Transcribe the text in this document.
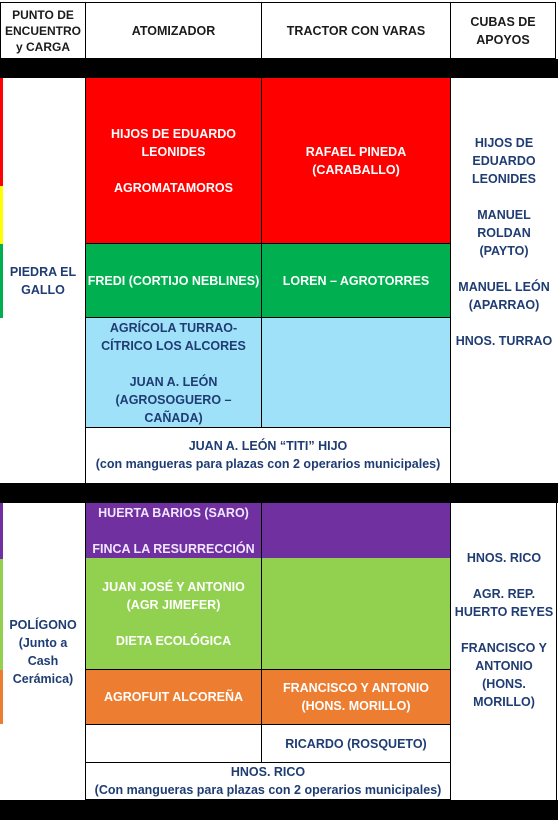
PUNTO DE
ENCUENTRO
y CARGA
ATOMIZADOR	TRACTOR CON VARAS
CUBAS DE
APOYOS
PIEDRA EL
GALLO
HIJOS DE EDUARDO
LEONIDES
AGROMATAMOROS
RAFAEL PINEDA
(CARABALLO)
FREDI (CORTIJO NEBLINES) LOREN – AGROTORRES
AGRÍCOLA TURRAO-
CÍTRICO LOS ALCORES
JUAN A. LEÓN
(AGROSOGUERO –
CAÑADA)
HIJOS DE
EDUARDO
LEONIDES
MANUEL
ROLDAN
(PAYTO)
MANUEL LEÓN
(APARRAO)
HNOS. TURRAO
JUAN A. LEÓN “TITI” HIJO
(con mangueras para plazas con 2 operarios municipales)
POLÍGONO
(Junto a
Cash
Cerámica)
HUERTA BARIOS (SARO)
FINCA LA RESURRECCIÓN
JUAN JOSÉ Y ANTONIO
(AGR JIMEFER)
DIETA ECOLÓGICA
AGROFUIT ALCOREÑA
FRANCISCO Y ANTONIO
(HONS. MORILLO)
RICARDO (ROSQUETO)
HNOS. RICO
AGR. REP.
HUERTO REYES
FRANCISCO Y
ANTONIO
(HONS.
MORILLO)
HNOS. RICO
(Con mangueras para plazas con 2 operarios municipales)
